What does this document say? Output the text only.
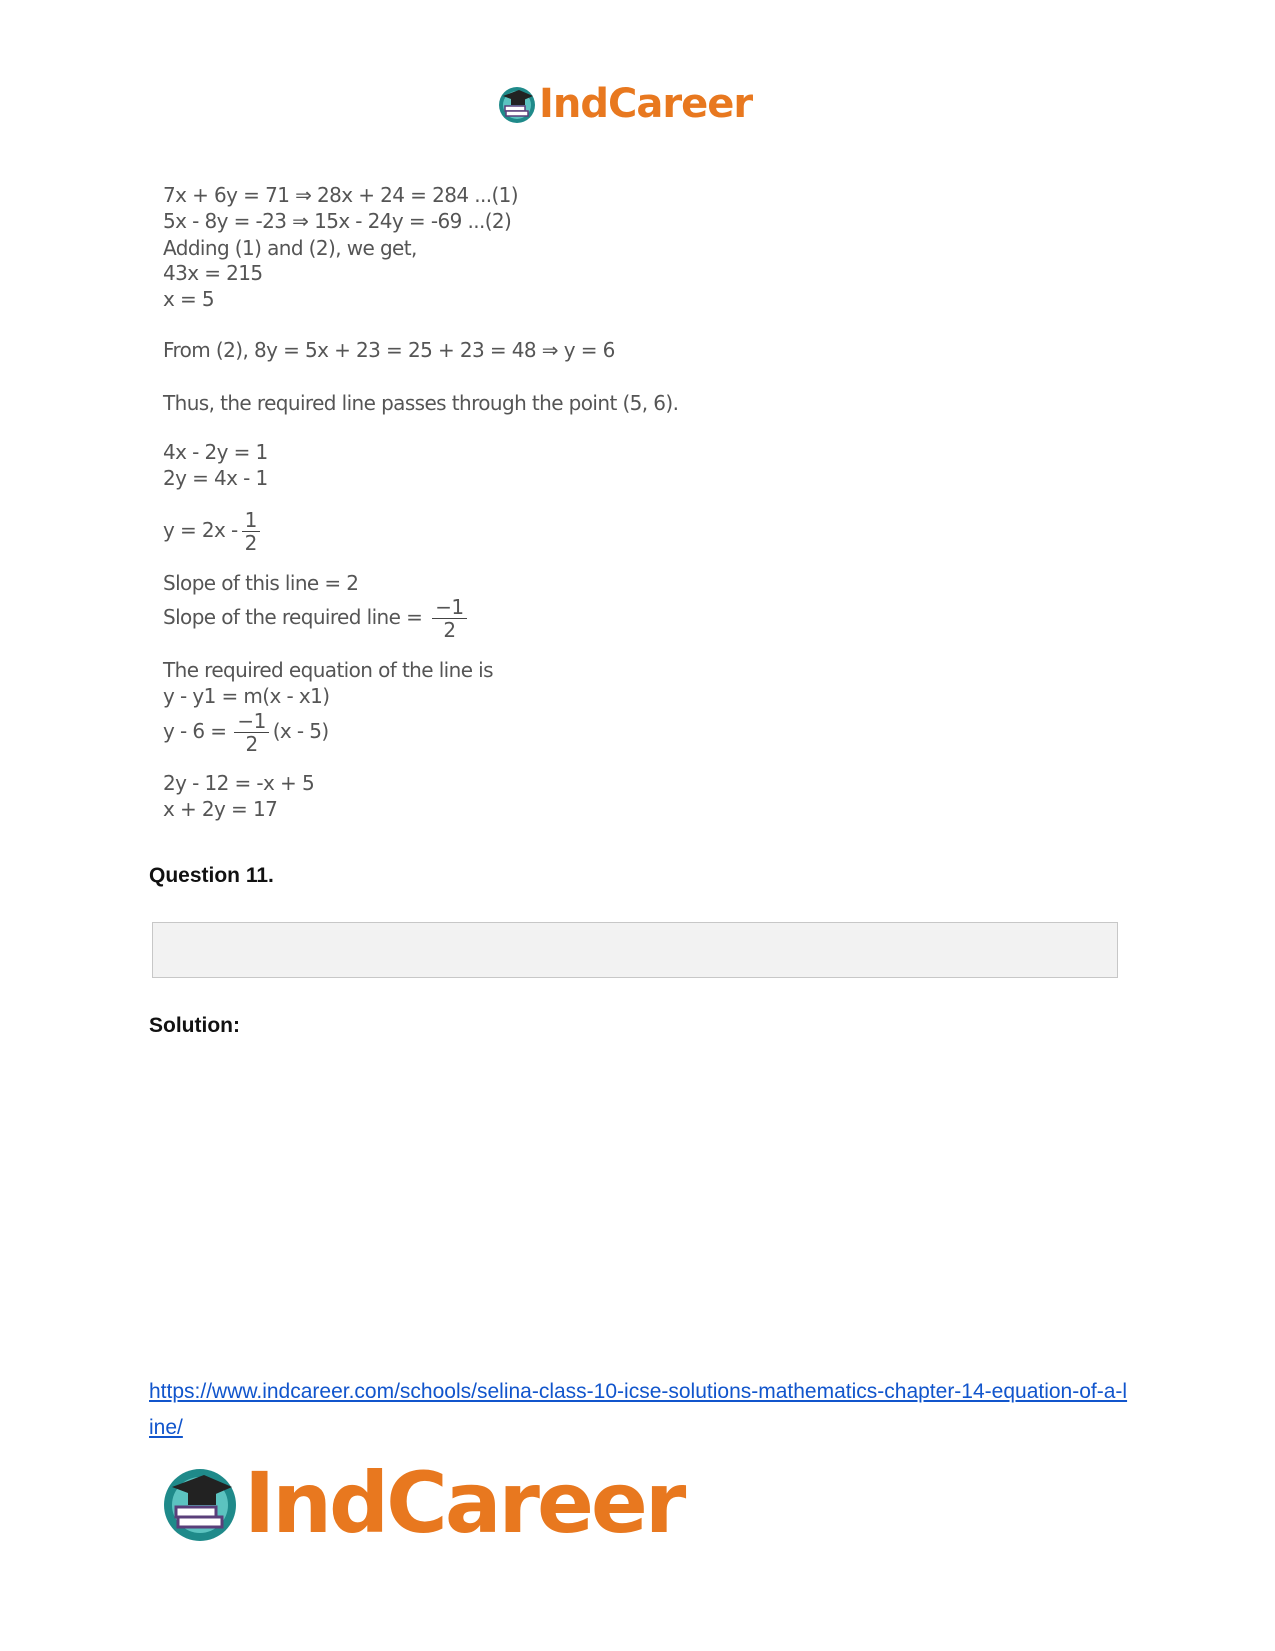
IndCareer
7x + 6y = 71 ⇒ 28x + 24 = 284 ...(1)
5x - 8y = -23 ⇒ 15x - 24y = -69 ...(2)
Adding (1) and (2), we get,
43x = 215
x = 5
From (2), 8y = 5x + 23 = 25 + 23 = 48 ⇒ y = 6
Thus, the required line passes through the point (5, 6).
4x - 2y = 1
2y = 4x - 1
$y = 2x - \frac{1}{2}$
Slope of this line = 2
Slope of the required line = $\frac{-1}{2}$
The required equation of the line is
y - y1 = m(x - x1)
$y - 6 = \frac{-1}{2} (x - 5)$
2y - 12 = -x + 5
x + 2y = 17
Question 11.
Solution:
https://www.indcareer.com/schools/selina-class-10-icse-solutions-mathematics-chapter-14-equation-of-a-line/
IndCareer
